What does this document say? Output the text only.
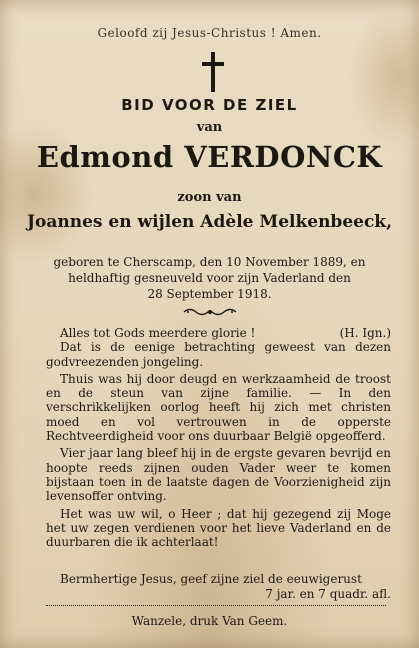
Geloofd zij Jesus-Christus ! Amen.
BID VOOR DE ZIEL
van
Edmond VERDONCK
zoon van
Joannes en wijlen Adèle Melkenbeeck,
geboren te Cherscamp, den 10 November 1889, en
heldhaftig gesneuveld voor zijn Vaderland den
28 September 1918.
Alles tot Gods meerdere glorie !	(H. Ign.)

Dat is de eenige betrachting geweest van dezen godvreezenden jongeling.

Thuis was hij door deugd en werkzaamheid de troost en de steun van zijne familie. — In den verschrikkelijken oorlog heeft hij zich met christen moed en vol vertrouwen in de opperste Rechtveerdigheid voor ons duurbaar België opgeofferd.

Vier jaar lang bleef hij in de ergste gevaren bevrijd en hoopte reeds zijnen ouden Vader weer te komen bijstaan toen in de laatste dagen de Voorzienigheid zijn levensoffer ontving.

Het was uw wil, o Heer ; dat hij gezegend zij Moge het uw zegen verdienen voor het lieve Vaderland en de duurbaren die ik achterlaat!

Bermhertige Jesus, geef zijne ziel de eeuwigerust
7 jar. en 7 quadr. afl.
Wanzele, druk Van Geem.
